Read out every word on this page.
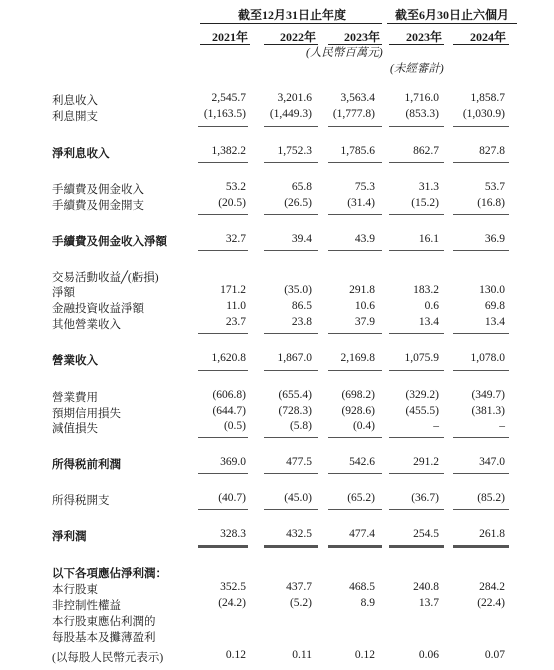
截至12月31日止年度	截至6月30日止六個月
2021年	2022年	2023年	2023年	2024年
(人民幣百萬元)
(未經審計)
利息收入	2,545.7	3,201.6	3,563.4	1,716.0	1,858.7
利息開支	(1,163.5)	(1,449.3)	(1,777.8)	(853.3)	(1,030.9)
淨利息收入	1,382.2	1,752.3	1,785.6	862.7	827.8
手續費及佣金收入	53.2	65.8	75.3	31.3	53.7
手續費及佣金開支	(20.5)	(26.5)	(31.4)	(15.2)	(16.8)
手續費及佣金收入淨額	32.7	39.4	43.9	16.1	36.9
交易活動收益╱(虧損)
淨額	171.2	(35.0)	291.8	183.2	130.0
金融投資收益淨額	11.0	86.5	10.6	0.6	69.8
其他營業收入	23.7	23.8	37.9	13.4	13.4
營業收入	1,620.8	1,867.0	2,169.8	1,075.9	1,078.0
營業費用	(606.8)	(655.4)	(698.2)	(329.2)	(349.7)
預期信用損失	(644.7)	(728.3)	(928.6)	(455.5)	(381.3)
減值損失	(0.5)	(5.8)	(0.4)	–	–
所得税前利潤	369.0	477.5	542.6	291.2	347.0
所得税開支	(40.7)	(45.0)	(65.2)	(36.7)	(85.2)
淨利潤	328.3	432.5	477.4	254.5	261.8
以下各項應佔淨利潤：
本行股東	352.5	437.7	468.5	240.8	284.2
非控制性權益	(24.2)	(5.2)	8.9	13.7	(22.4)
本行股東應佔利潤的
每股基本及攤薄盈利
(以每股人民幣元表示)	0.12	0.11	0.12	0.06	0.07
